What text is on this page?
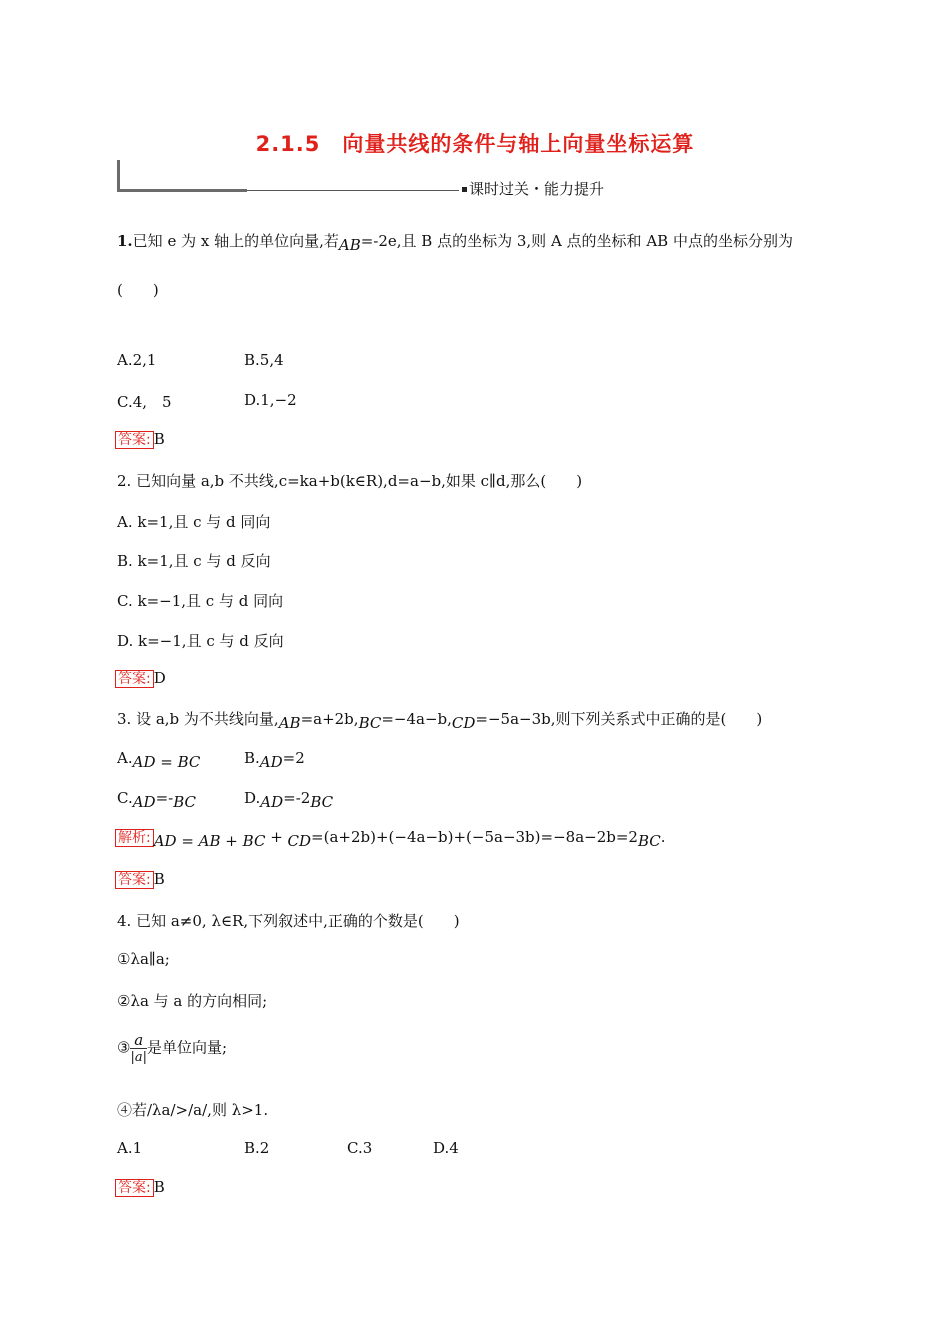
2.1.5　向量共线的条件与轴上向量坐标运算
课时过关・能力提升
1.已知 e 为 x 轴上的单位向量,若AB=-2e,且 B 点的坐标为 3,则 A 点的坐标和 AB 中点的坐标分别为
(　　)
A.2,1	B.5,4
C.4,　5	D.1,−2
答案: B
2. 已知向量 a,b 不共线,c=ka+b(k∈R),d=a−b,如果 c∥d,那么(　　)
A. k=1,且 c 与 d 同向
B. k=1,且 c 与 d 反向
C. k=−1,且 c 与 d 同向
D. k=−1,且 c 与 d 反向
答案: D
3. 设 a,b 为不共线向量,AB=a+2b,BC=−4a−b,CD=−5a−3b,则下列关系式中正确的是(　　)
A.AD = BC	B.AD=2
C.AD=-BC	D.AD=-2BC
解析: AD = AB + BC + CD=(a+2b)+(−4a−b)+(−5a−3b)=−8a−2b=2BC.
答案: B
4. 已知 a≠0, λ∈R,下列叙述中,正确的个数是(　　)
①λa∥a;
②λa 与 a 的方向相同;
③ $\frac{a}{|a|}$ 是单位向量;
④若/λa/>/a/,则 λ>1.
A.1	B.2	C.3	D.4
答案: B
